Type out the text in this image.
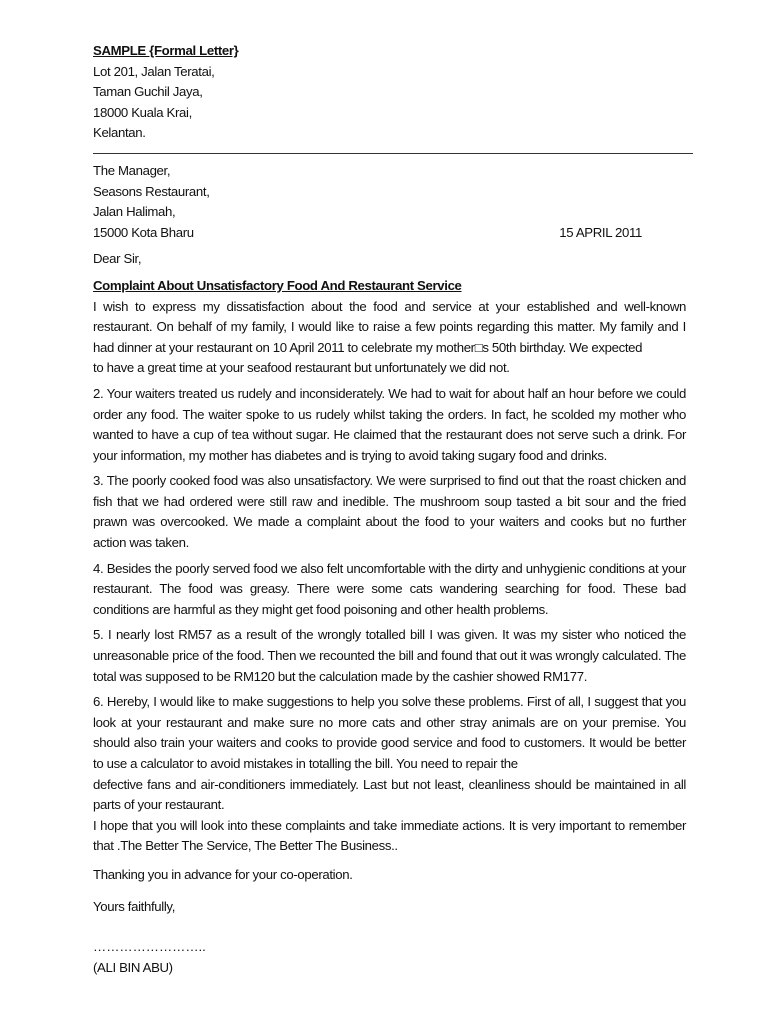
SAMPLE {Formal Letter}
Lot 201, Jalan Teratai,
Taman Guchil Jaya,
18000 Kuala Krai,
Kelantan.
The Manager,
Seasons Restaurant,
Jalan Halimah,
15000 Kota Bharu	15 APRIL 2011
Dear Sir,
Complaint About Unsatisfactory Food And Restaurant Service

I wish to express my dissatisfaction about the food and service at your established and well-known restaurant. On behalf of my family, I would like to raise a few points regarding this matter. My family and I had dinner at your restaurant on 10 April 2011 to celebrate my mother□s 50th birthday. We expected

to have a great time at your seafood restaurant but unfortunately we did not.

2. Your waiters treated us rudely and inconsiderately. We had to wait for about half an hour before we could order any food. The waiter spoke to us rudely whilst taking the orders. In fact, he scolded my mother who wanted to have a cup of tea without sugar. He claimed that the restaurant does not serve such a drink. For your information, my mother has diabetes and is trying to avoid taking sugary food and drinks.

3. The poorly cooked food was also unsatisfactory. We were surprised to find out that the roast chicken and fish that we had ordered were still raw and inedible. The mushroom soup tasted a bit sour and the fried prawn was overcooked. We made a complaint about the food to your waiters and cooks but no further action was taken.

4. Besides the poorly served food we also felt uncomfortable with the dirty and unhygienic conditions at your restaurant. The food was greasy. There were some cats wandering searching for food. These bad conditions are harmful as they might get food poisoning and other health problems.

5. I nearly lost RM57 as a result of the wrongly totalled bill I was given. It was my sister who noticed the unreasonable price of the food. Then we recounted the bill and found that out it was wrongly calculated. The total was supposed to be RM120 but the calculation made by the cashier showed RM177.

6. Hereby, I would like to make suggestions to help you solve these problems. First of all, I suggest that you look at your restaurant and make sure no more cats and other stray animals are on your premise. You should also train your waiters and cooks to provide good service and food to customers. It would be better to use a calculator to avoid mistakes in totalling the bill. You need to repair the

defective fans and air-conditioners immediately. Last but not least, cleanliness should be maintained in all parts of your restaurant.

I hope that you will look into these complaints and take immediate actions. It is very important to remember that .The Better The Service, The Better The Business..

Thanking you in advance for your co-operation.
Yours faithfully,
……………………..
(ALI BIN ABU)
